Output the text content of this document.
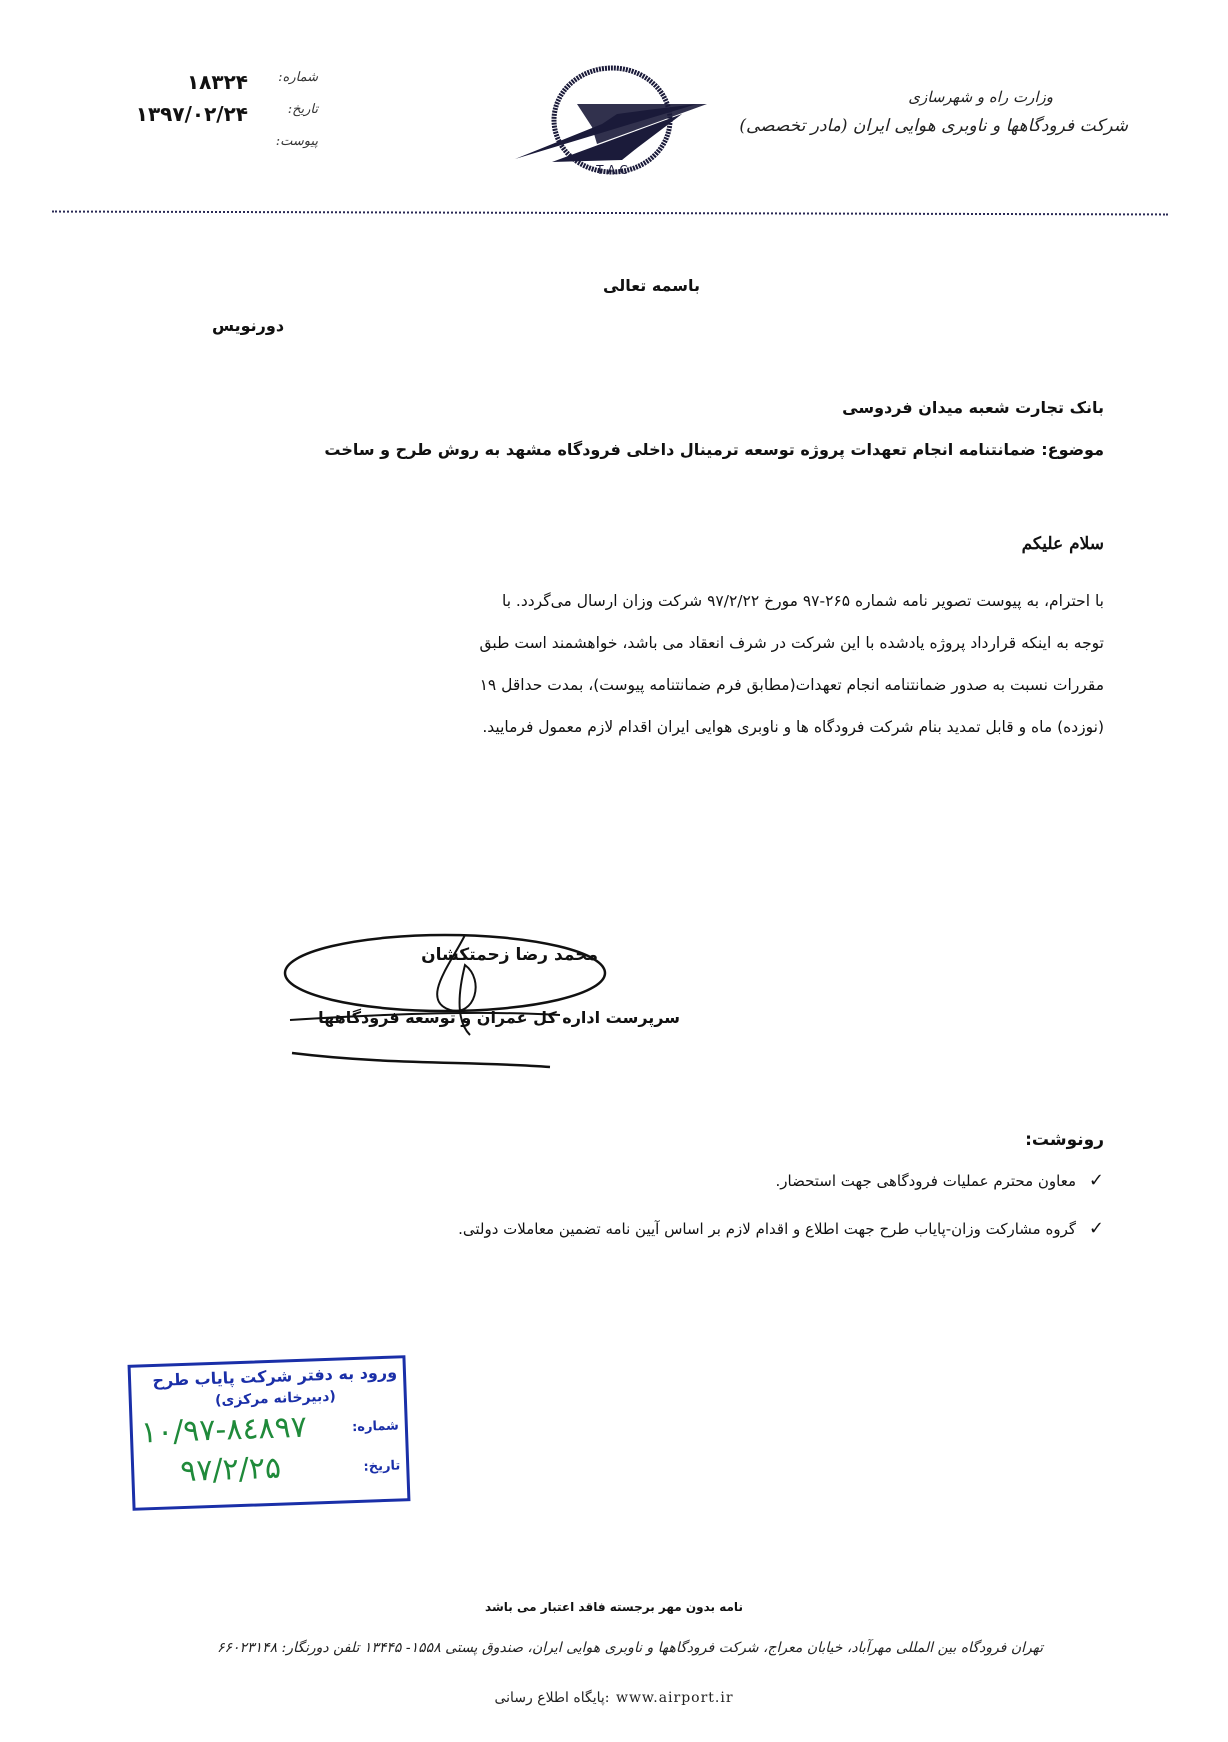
وزارت راه و شهرسازی
شرکت فرودگاهها و ناوبری هوایی ایران (مادر تخصصی)
T A C
شماره:
۱۸۳۲۴
تاریخ:
۱۳۹۷/۰۲/۲۴
پیوست:
باسمه تعالی
دورنویس
بانک تجارت شعبه میدان فردوسی
موضوع: ضمانتنامه انجام تعهدات پروژه توسعه ترمینال داخلی فرودگاه مشهد به روش طرح و ساخت
سلام علیکم

با احترام، به پیوست تصویر نامه شماره ۲۶۵-۹۷ مورخ ۹۷/۲/۲۲ شرکت وزان ارسال می‌گردد. با

توجه به اینکه قرارداد پروژه یادشده با این شرکت در شرف انعقاد می باشد، خواهشمند است طبق

مقررات نسبت به صدور ضمانتنامه انجام تعهدات(مطابق فرم ضمانتنامه پیوست)، بمدت حداقل ۱۹

(نوزده) ماه و قابل تمدید بنام شرکت فرودگاه ها و ناوبری هوایی ایران اقدام لازم معمول فرمایید.

محمد رضا زحمتکشان
سرپرست اداره کل عمران و توسعه فرودگاهها
رونوشت:
✓
معاون محترم عملیات فرودگاهی جهت استحضار.
✓
گروه مشارکت وزان-پایاب طرح جهت اطلاع و اقدام لازم بر اساس آیین نامه تضمین معاملات دولتی.
ورود به دفتر شرکت پایاب طرح
(دبیرخانه مرکزی)
شماره:
تاریخ:
۱۰/۹۷-۸٤۸۹۷
۹۷/۲/۲۵
نامه بدون مهر برجسته فاقد اعتبار می باشد
تهران فرودگاه بین المللی مهرآباد، خیابان معراج، شرکت فرودگاهها و ناوبری هوایی ایران، صندوق پستی ۱۵۵۸- ۱۳۴۴۵ تلفن دورنگار: ۶۶۰۲۳۱۴۸
www.airport.ir :پایگاه اطلاع رسانی
